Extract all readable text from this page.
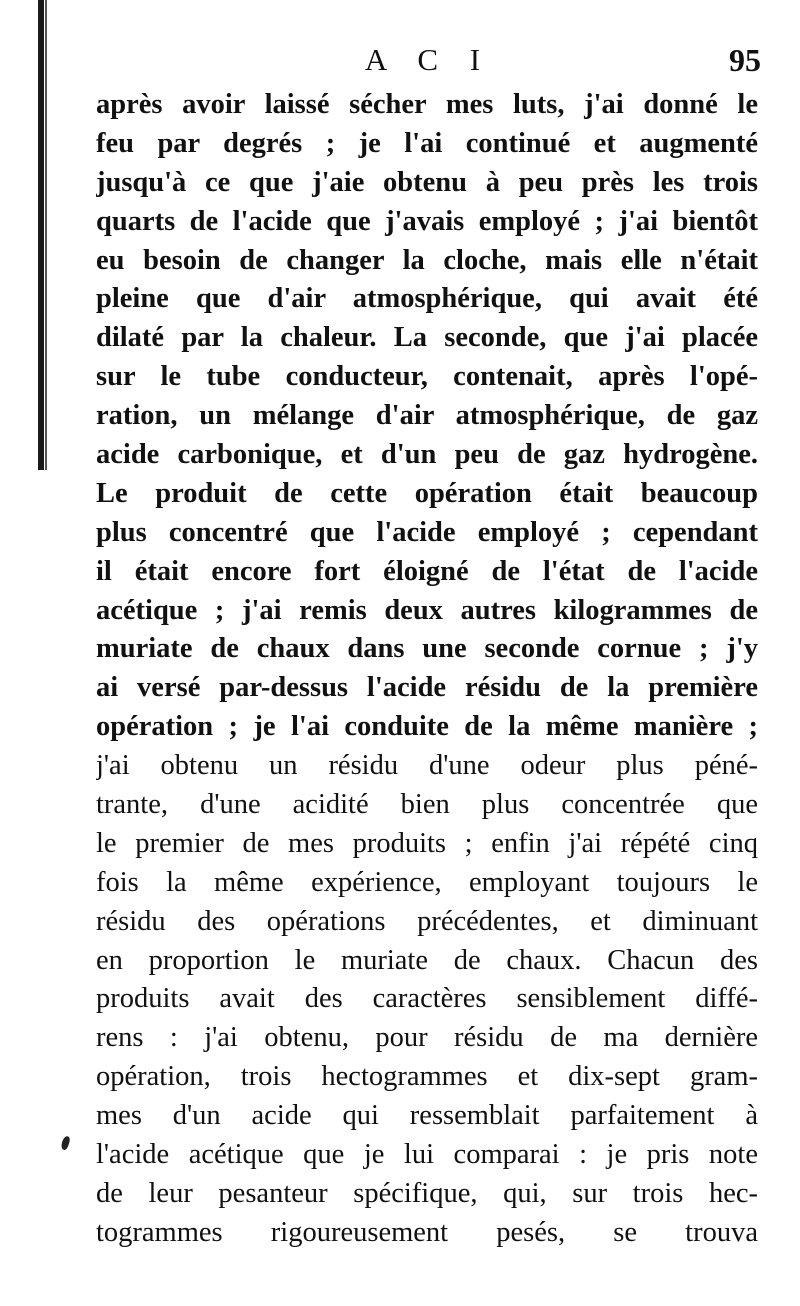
A C I	95
après avoir laissé sécher mes luts, j'ai donné le
feu par degrés ; je l'ai continué et augmenté
jusqu'à ce que j'aie obtenu à peu près les trois
quarts de l'acide que j'avais employé ; j'ai bientôt
eu besoin de changer la cloche, mais elle n'était
pleine que d'air atmosphérique, qui avait été
dilaté par la chaleur. La seconde, que j'ai placée
sur le tube conducteur, contenait, après l'opé-
ration, un mélange d'air atmosphérique, de gaz
acide carbonique, et d'un peu de gaz hydrogène.
Le produit de cette opération était beaucoup
plus concentré que l'acide employé ; cependant
il était encore fort éloigné de l'état de l'acide
acétique ; j'ai remis deux autres kilogrammes de
muriate de chaux dans une seconde cornue ; j'y
ai versé par-dessus l'acide résidu de la première
opération ; je l'ai conduite de la même manière ;
j'ai obtenu un résidu d'une odeur plus péné-
trante, d'une acidité bien plus concentrée que
le premier de mes produits ; enfin j'ai répété cinq
fois la même expérience, employant toujours le
résidu des opérations précédentes, et diminuant
en proportion le muriate de chaux. Chacun des
produits avait des caractères sensiblement diffé-
rens : j'ai obtenu, pour résidu de ma dernière
opération, trois hectogrammes et dix-sept gram-
mes d'un acide qui ressemblait parfaitement à
l'acide acétique que je lui comparai : je pris note
de leur pesanteur spécifique, qui, sur trois hec-
togrammes rigoureusement pesés, se trouva
